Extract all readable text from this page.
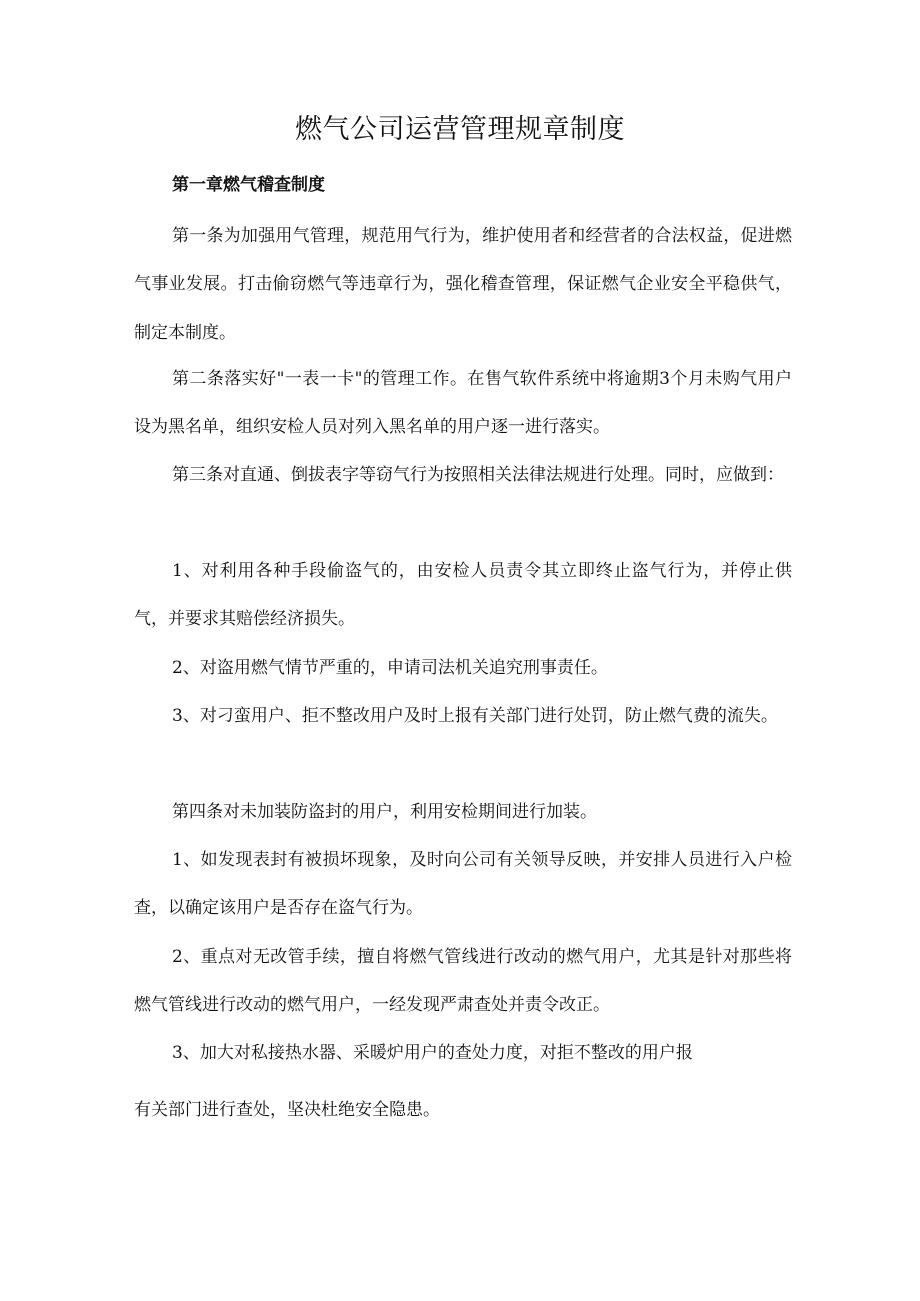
燃气公司运营管理规章制度
第一章燃气稽查制度

第一条为加强用气管理，规范用气行为，维护使用者和经营者的合法权益，促进燃气事业发展。打击偷窃燃气等违章行为，强化稽查管理，保证燃气企业安全平稳供气，制定本制度。

第二条落实好"一表一卡"的管理工作。在售气软件系统中将逾期3个月未购气用户设为黑名单，组织安检人员对列入黑名单的用户逐一进行落实。

第三条对直通、倒拔表字等窃气行为按照相关法律法规进行处理。同时，应做到：

1、对利用各种手段偷盗气的，由安检人员责令其立即终止盗气行为，并停止供气，并要求其赔偿经济损失。

2、对盗用燃气情节严重的，申请司法机关追究刑事责任。

3、对刁蛮用户、拒不整改用户及时上报有关部门进行处罚，防止燃气费的流失。

第四条对未加装防盗封的用户，利用安检期间进行加装。

1、如发现表封有被损坏现象，及时向公司有关领导反映，并安排人员进行入户检查，以确定该用户是否存在盗气行为。

2、重点对无改管手续，擅自将燃气管线进行改动的燃气用户，尤其是针对那些将燃气管线进行改动的燃气用户，一经发现严肃查处并责令改正。

3、加大对私接热水器、采暖炉用户的查处力度，对拒不整改的用户报

有关部门进行查处，坚决杜绝安全隐患。
